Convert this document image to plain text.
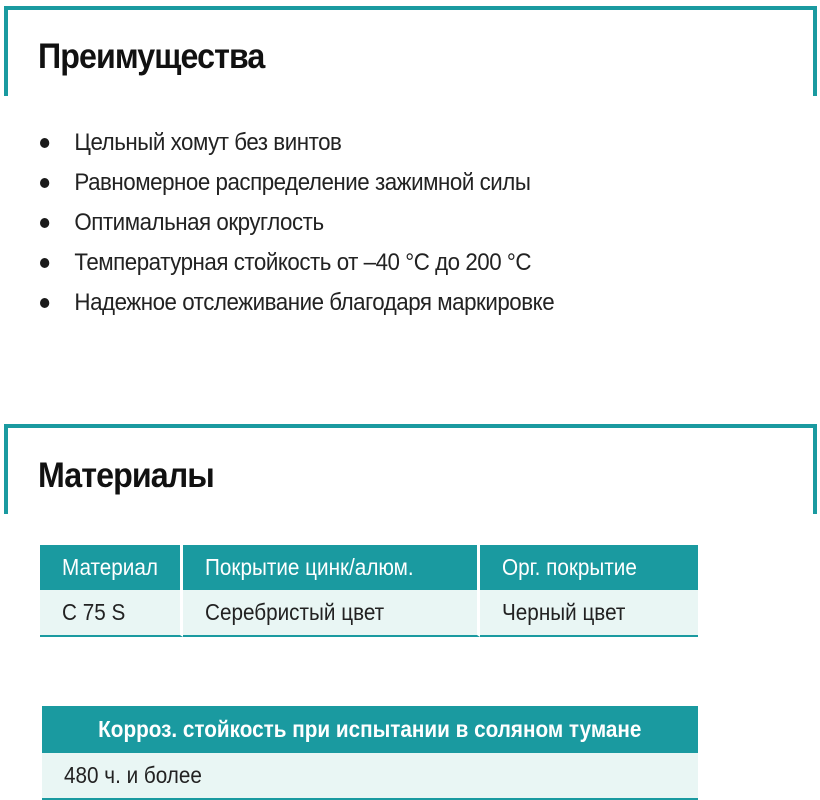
Преимущества
Цельный хомут без винтов
Равномерное распределение зажимной силы
Оптимальная округлость
Температурная стойкость от –40 °C до 200 °C
Надежное отслеживание благодаря маркировке
Материалы
Материал	Покрытие цинк/алюм.	Орг. покрытие
C 75 S	Серебристый цвет	Черный цвет
Корроз. стойкость при испытании в соляном тумане
480 ч. и более
